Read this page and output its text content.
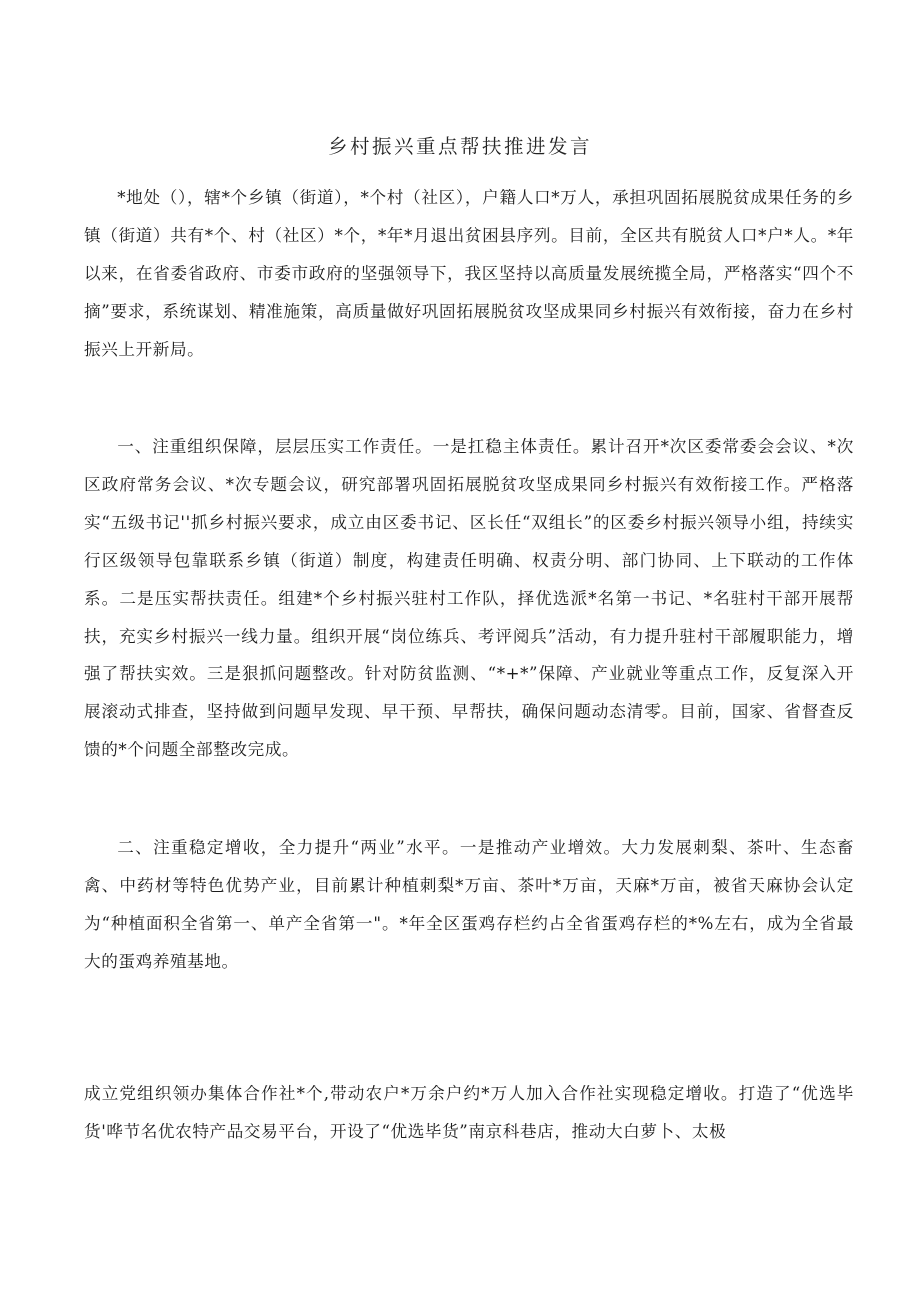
乡村振兴重点帮扶推进发言

*地处（），辖*个乡镇（街道），*个村（社区），户籍人口*万人，承担巩固拓展脱贫成果任务的乡镇（街道）共有*个、村（社区）*个，*年*月退出贫困县序列。目前，全区共有脱贫人口*户*人。*年以来，在省委省政府、市委市政府的坚强领导下，我区坚持以高质量发展统揽全局，严格落实“四个不摘”要求，系统谋划、精准施策，高质量做好巩固拓展脱贫攻坚成果同乡村振兴有效衔接，奋力在乡村振兴上开新局。

一、注重组织保障，层层压实工作责任。一是扛稳主体责任。累计召开*次区委常委会会议、*次区政府常务会议、*次专题会议，研究部署巩固拓展脱贫攻坚成果同乡村振兴有效衔接工作。严格落实“五级书记''抓乡村振兴要求，成立由区委书记、区长任“双组长”的区委乡村振兴领导小组，持续实行区级领导包靠联系乡镇（街道）制度，构建责任明确、权责分明、部门协同、上下联动的工作体系。二是压实帮扶责任。组建*个乡村振兴驻村工作队，择优选派*名第一书记、*名驻村干部开展帮扶，充实乡村振兴一线力量。组织开展“岗位练兵、考评阅兵”活动，有力提升驻村干部履职能力，增强了帮扶实效。三是狠抓问题整改。针对防贫监测、“*+*”保障、产业就业等重点工作，反复深入开展滚动式排查，坚持做到问题早发现、早干预、早帮扶，确保问题动态清零。目前，国家、省督查反馈的*个问题全部整改完成。

二、注重稳定增收，全力提升“两业”水平。一是推动产业增效。大力发展刺梨、茶叶、生态畜禽、中药材等特色优势产业，目前累计种植刺梨*万亩、茶叶*万亩，天麻*万亩，被省天麻协会认定为“种植面积全省第一、单产全省第一"。*年全区蛋鸡存栏约占全省蛋鸡存栏的*%左右，成为全省最大的蛋鸡养殖基地。

成立党组织领办集体合作社*个,带动农户*万余户约*万人加入合作社实现稳定增收。打造了“优选毕货'哗节名优农特产品交易平台，开设了“优选毕货”南京科巷店，推动大白萝卜、太极
